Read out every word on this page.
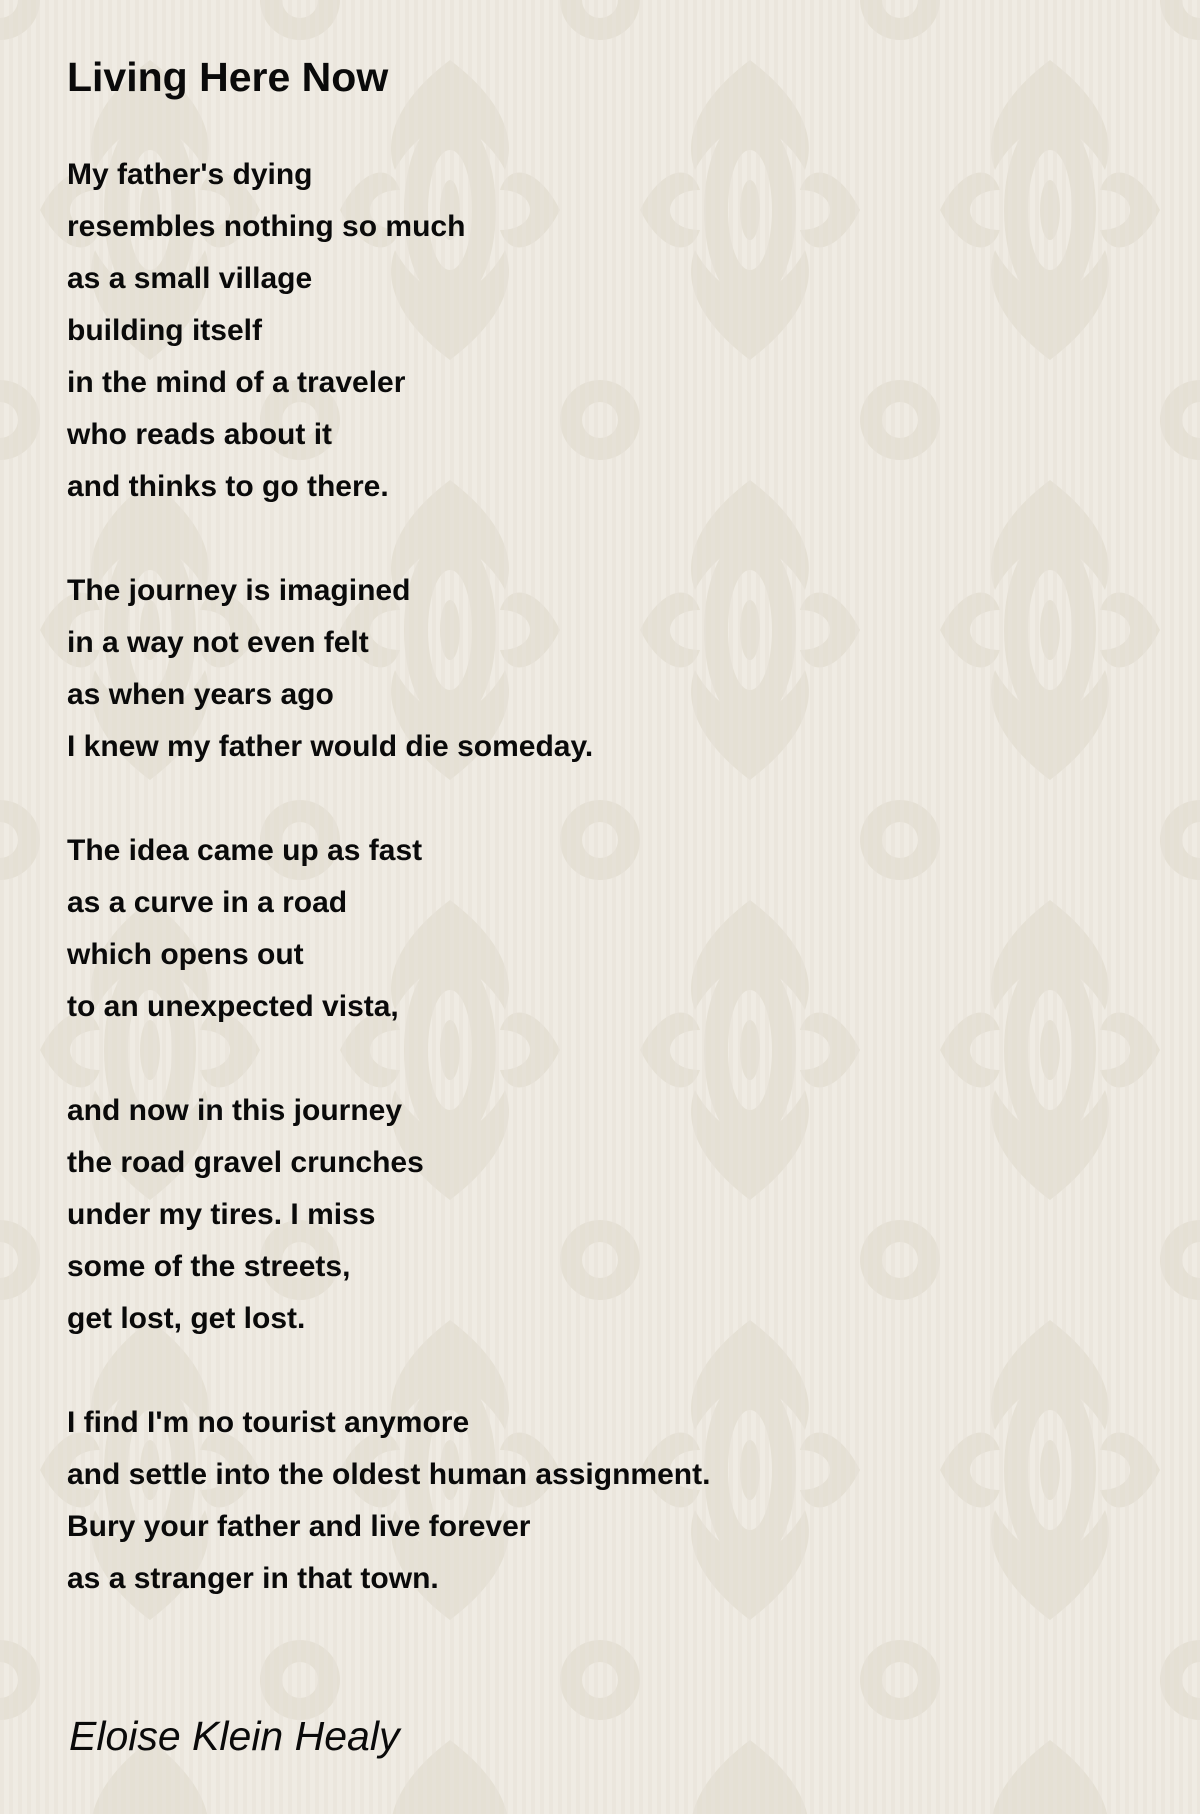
Living Here Now
My father's dying
resembles nothing so much
as a small village
building itself
in the mind of a traveler
who reads about it
and thinks to go there.
The journey is imagined
in a way not even felt
as when years ago
I knew my father would die someday.
The idea came up as fast
as a curve in a road
which opens out
to an unexpected vista,
and now in this journey
the road gravel crunches
under my tires. I miss
some of the streets,
get lost, get lost.
I find I'm no tourist anymore
and settle into the oldest human assignment.
Bury your father and live forever
as a stranger in that town.
Eloise Klein Healy
